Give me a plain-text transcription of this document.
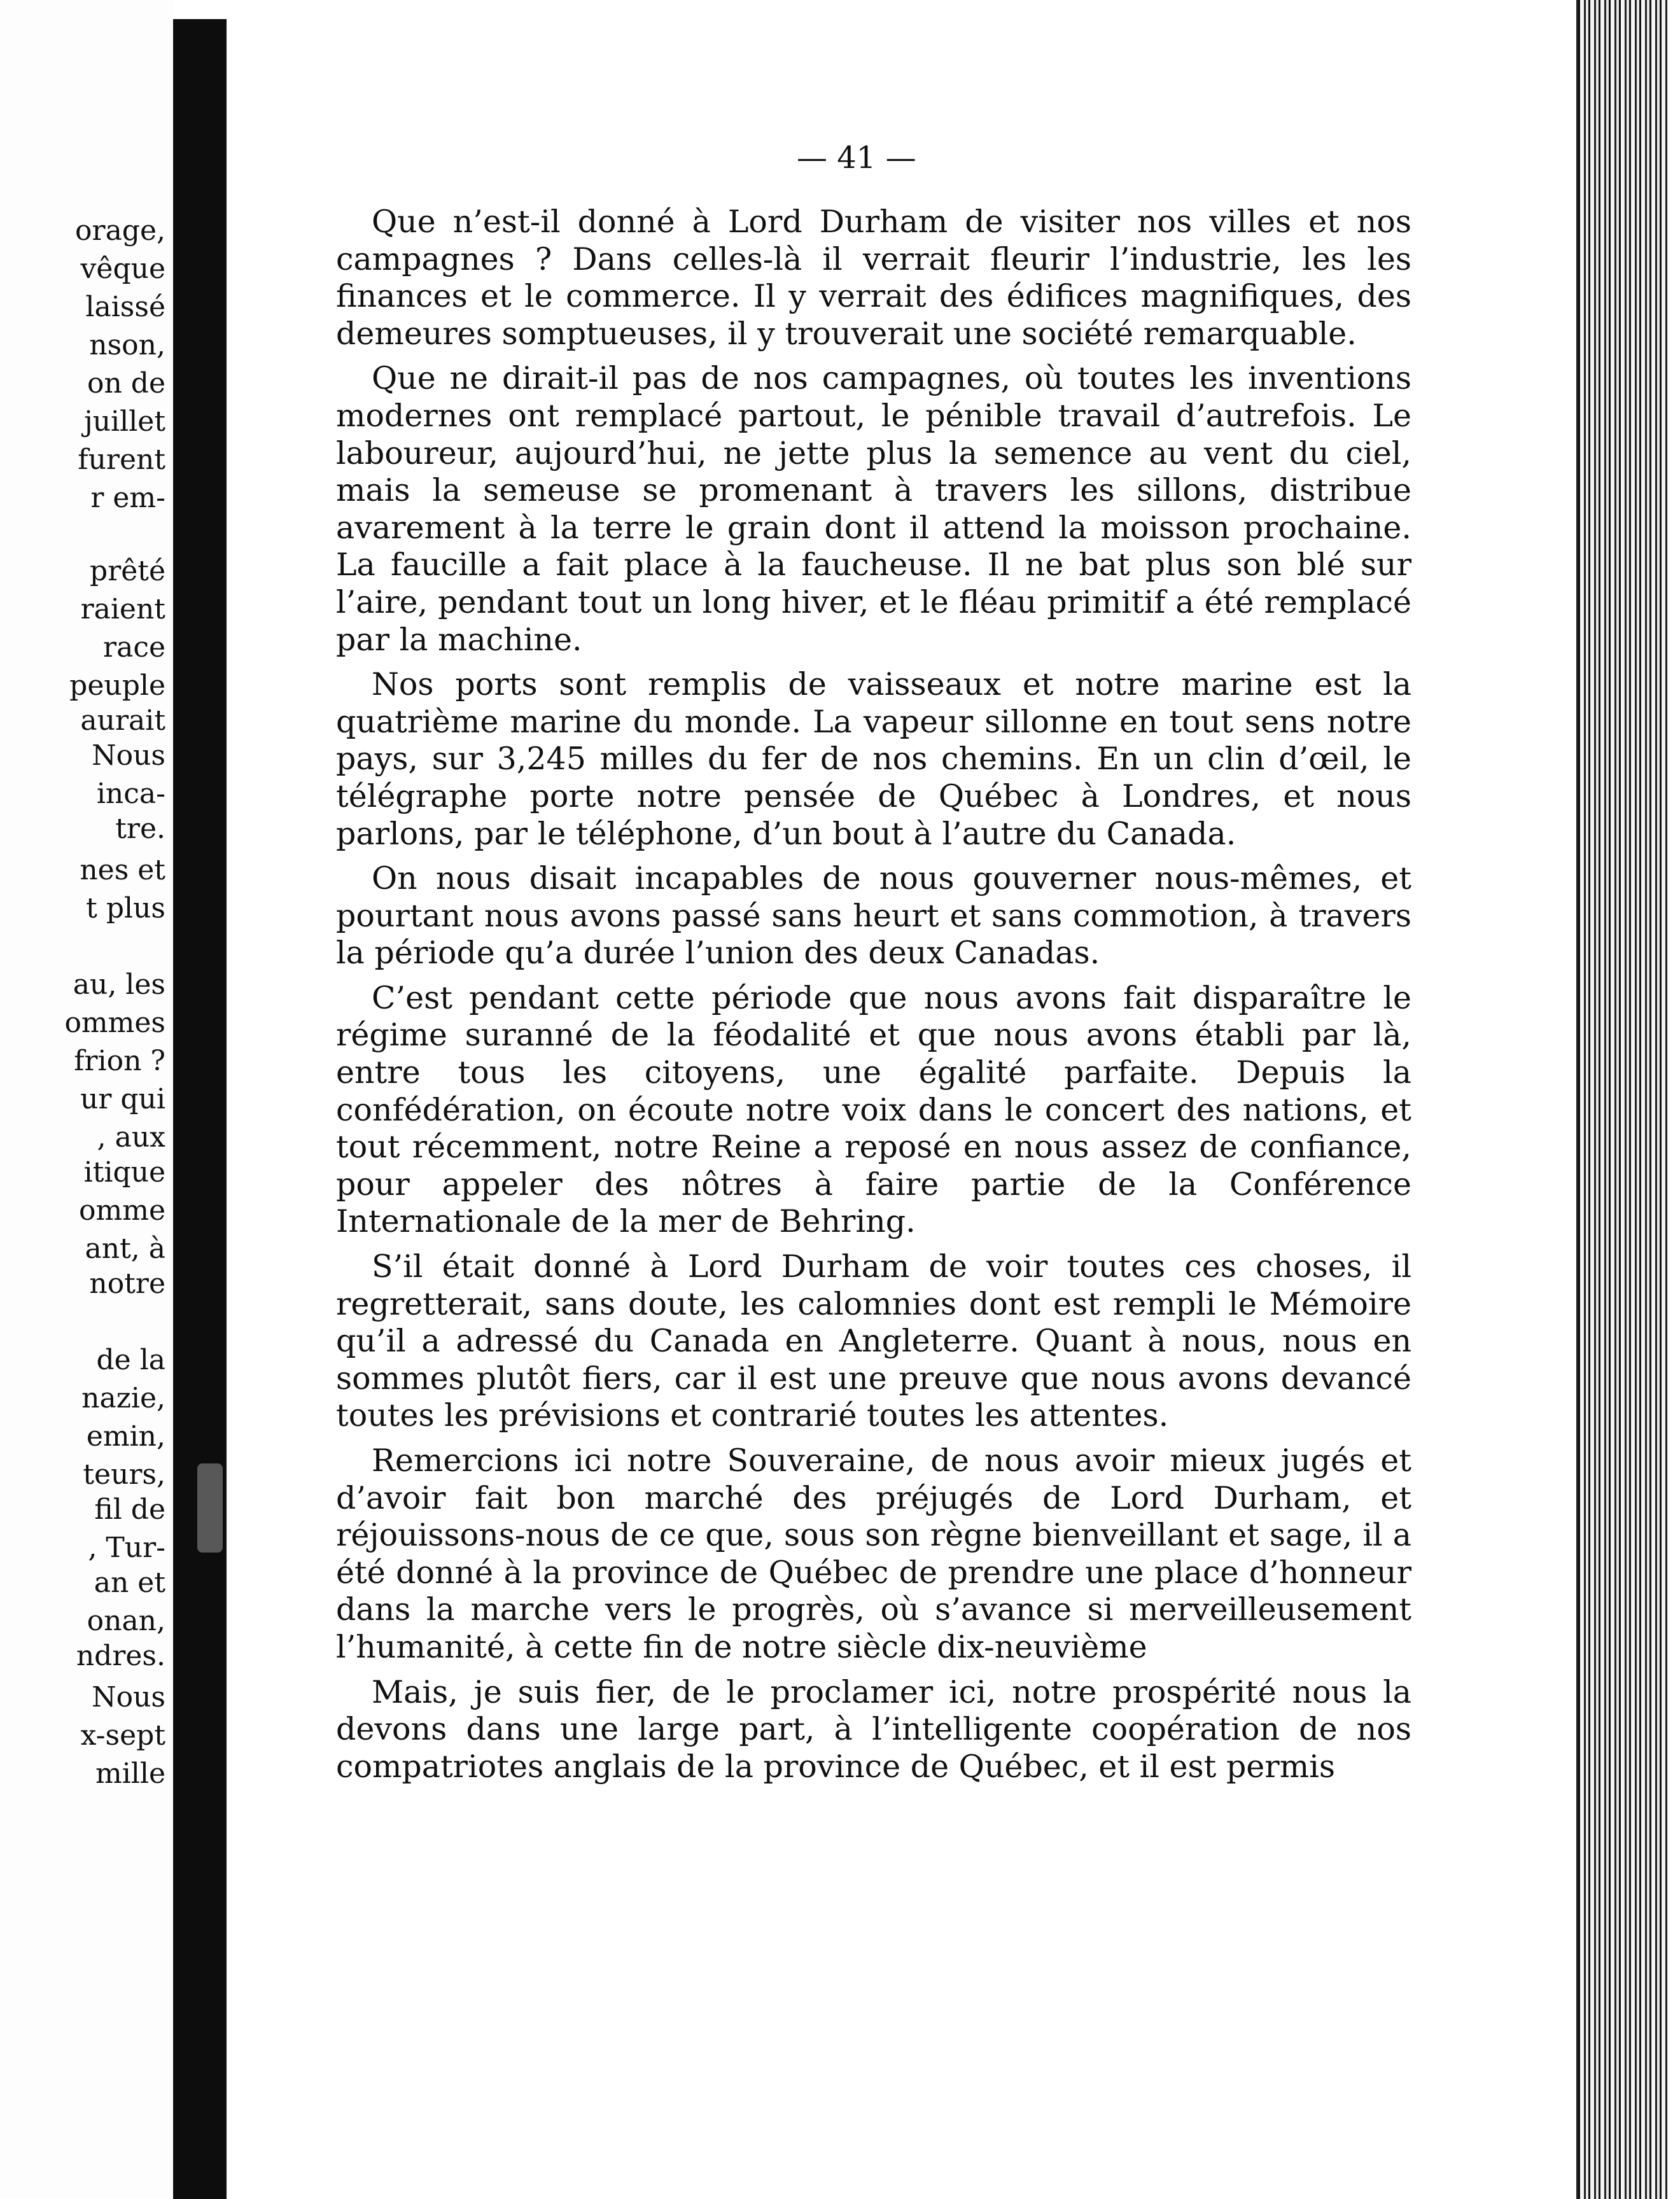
orage,
vêque
laissé
nson,
on de
juillet
furent
r em-
prêté
raient
race
peuple
aurait
Nous
inca-
tre.
nes et
t plus
au, les
ommes
frion ?
ur qui
, aux
itique
omme
ant, à
notre
de la
nazie,
emin,
teurs,
fil de
, Tur-
an et
onan,
ndres.
Nous
x-sept
mille
— 41 —

Que n’est-il donné à Lord Durham de visiter nos villes et nos campagnes ? Dans celles-là il verrait fleurir l’industrie, les les finances et le commerce. Il y verrait des édifices magnifiques, des demeures somptueuses, il y trouverait une société remarquable.

Que ne dirait-il pas de nos campagnes, où toutes les inventions modernes ont remplacé partout, le pénible travail d’autrefois. Le laboureur, aujourd’hui, ne jette plus la semence au vent du ciel, mais la semeuse se promenant à travers les sillons, distribue avarement à la terre le grain dont il attend la moisson prochaine. La faucille a fait place à la faucheuse. Il ne bat plus son blé sur l’aire, pendant tout un long hiver, et le fléau primitif a été remplacé par la machine.

Nos ports sont remplis de vaisseaux et notre marine est la quatrième marine du monde. La vapeur sillonne en tout sens notre pays, sur 3,245 milles du fer de nos chemins. En un clin d’œil, le télégraphe porte notre pensée de Québec à Londres, et nous parlons, par le téléphone, d’un bout à l’autre du Canada.

On nous disait incapables de nous gouverner nous-mêmes, et pourtant nous avons passé sans heurt et sans commotion, à travers la période qu’a durée l’union des deux Canadas.

C’est pendant cette période que nous avons fait disparaître le régime suranné de la féodalité et que nous avons établi par là, entre tous les citoyens, une égalité parfaite. Depuis la confédération, on écoute notre voix dans le concert des nations, et tout récemment, notre Reine a reposé en nous assez de confiance, pour appeler des nôtres à faire partie de la Conférence Internationale de la mer de Behring.

S’il était donné à Lord Durham de voir toutes ces choses, il regretterait, sans doute, les calomnies dont est rempli le Mémoire qu’il a adressé du Canada en Angleterre. Quant à nous, nous en sommes plutôt fiers, car il est une preuve que nous avons devancé toutes les prévisions et contrarié toutes les attentes.

Remercions ici notre Souveraine, de nous avoir mieux jugés et d’avoir fait bon marché des préjugés de Lord Durham, et réjouissons-nous de ce que, sous son règne bienveillant et sage, il a été donné à la province de Québec de prendre une place d’honneur dans la marche vers le progrès, où s’avance si merveilleusement l’humanité, à cette fin de notre siècle dix-neuvième

Mais, je suis fier, de le proclamer ici, notre prospérité nous la devons dans une large part, à l’intelligente coopération de nos compatriotes anglais de la province de Québec, et il est permis
